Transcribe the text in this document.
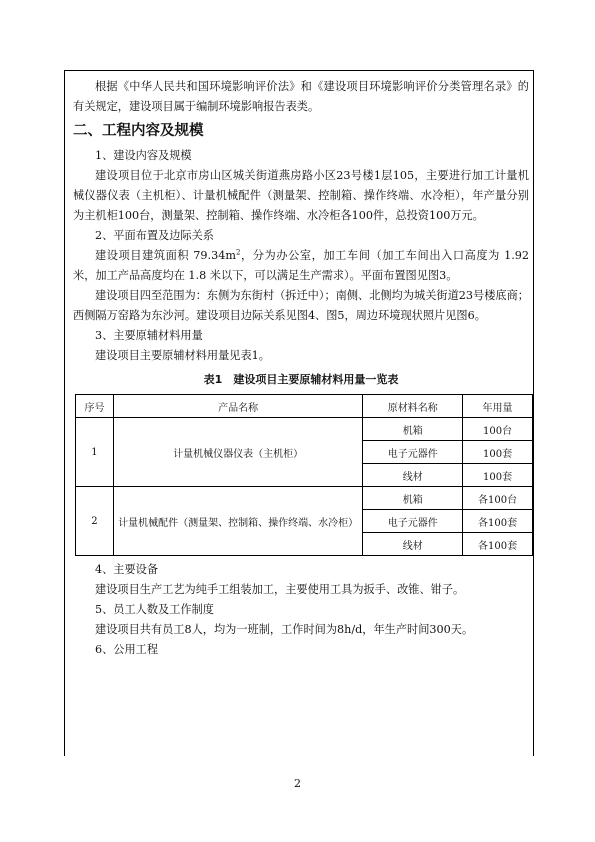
根据《中华人民共和国环境影响评价法》和《建设项目环境影响评价分类管理名录》的有关规定，建设项目属于编制环境影响报告表类。

二、工程内容及规模

1、建设内容及规模

建设项目位于北京市房山区城关街道燕房路小区23号楼1层105，主要进行加工计量机械仪器仪表（主机柜）、计量机械配件（测量架、控制箱、操作终端、水冷柜），年产量分别为主机柜100台，测量架、控制箱、操作终端、水冷柜各100件，总投资100万元。

2、平面布置及边际关系

建设项目建筑面积 $79.34m^2$，分为办公室，加工车间（加工车间出入口高度为 1.92 米，加工产品高度均在 1.8 米以下，可以满足生产需求）。平面布置图见图3。

建设项目四至范围为：东侧为东街村（拆迁中）；南侧、北侧均为城关街道23号楼底商；西侧隔万窑路为东沙河。建设项目边际关系见图4、图5，周边环境现状照片见图6。

3、主要原辅材料用量

建设项目主要原辅材料用量见表1。

表1　建设项目主要原辅材料用量一览表
序号	产品名称	原材料名称	年用量
1	计量机械仪器仪表（主机柜）	机箱	100台
		电子元器件	100套
		线材	100套
2	计量机械配件（测量架、控制箱、操作终端、水冷柜）	机箱	各100台
		电子元器件	各100套
		线材	各100套

4、主要设备

建设项目生产工艺为纯手工组装加工，主要使用工具为扳手、改锥、钳子。

5、员工人数及工作制度

建设项目共有员工8人，均为一班制，工作时间为8h/d，年生产时间300天。

6、公用工程

2
